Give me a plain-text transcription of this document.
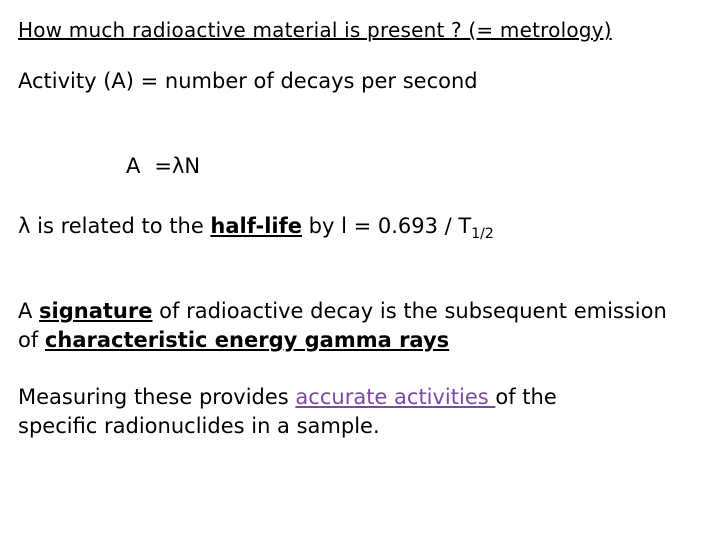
How much radioactive material is present ? (= metrology)
Activity (A) = number of decays per second
A =λN
λ is related to the half-life by $l = 0.693 / T_{1/2}$
A signature of radioactive decay is the subsequent emission
of characteristic energy gamma rays
Measuring these provides accurate activities of the
specific radionuclides in a sample.
